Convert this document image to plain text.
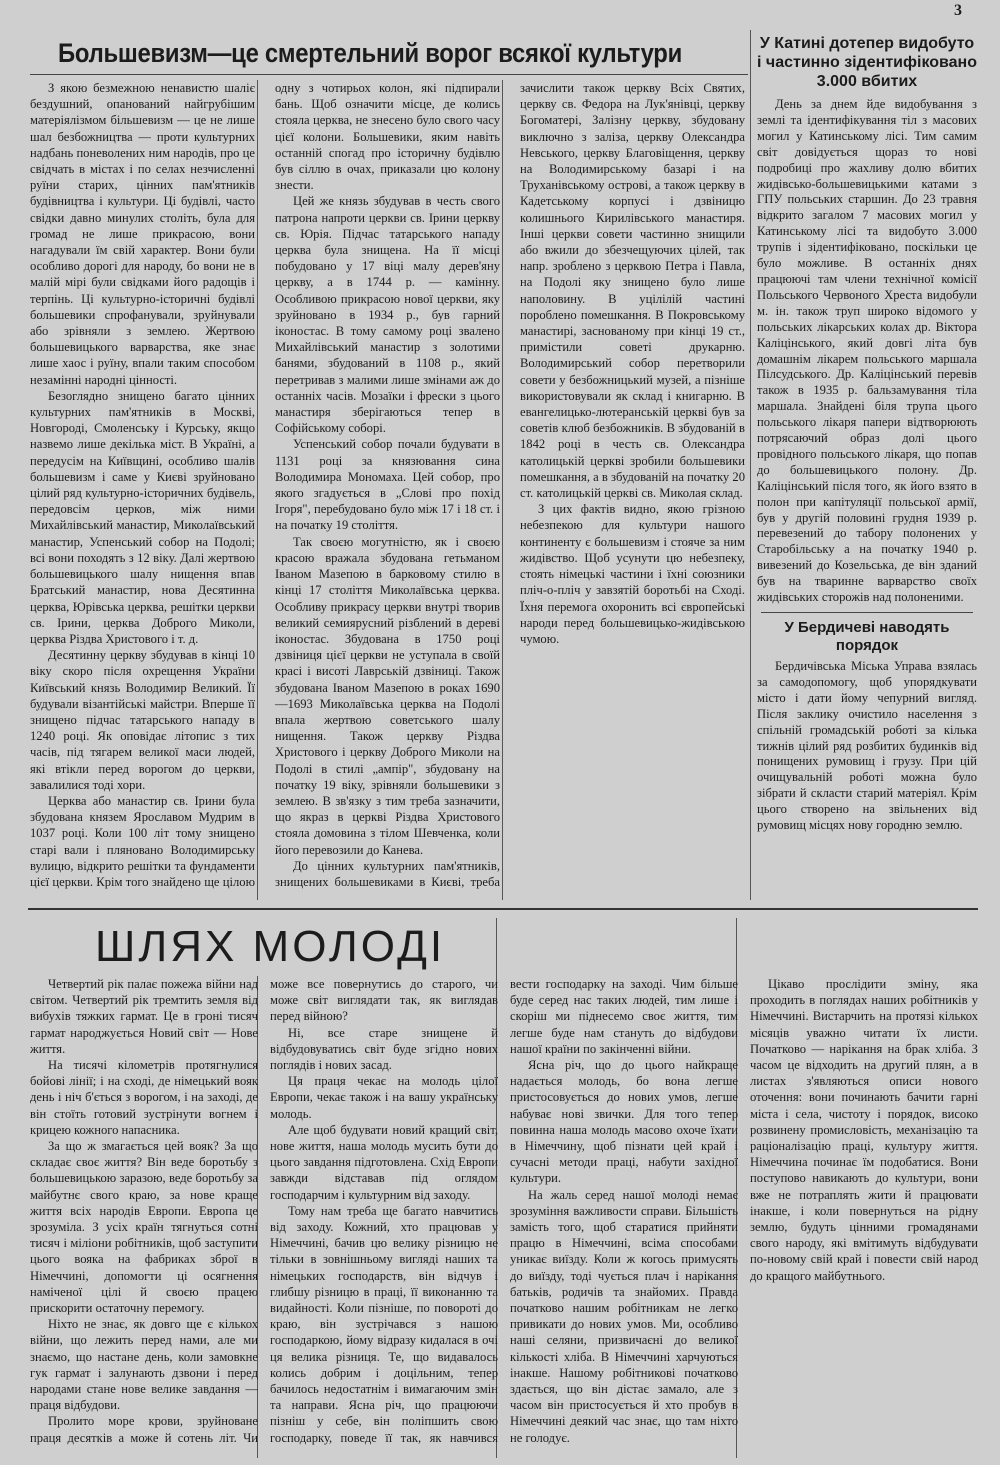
3
Большевизм—це смертельний ворог всякої культури

З якою безмежною ненавистю шаліє бездушний, опанований найгрубішим матеріялізмом більшевизм — це не лише шал безбожництва — проти культурних надбань поневолених ним народів, про це свідчать в містах і по селах незчисленні руїни старих, цінних пам'ятників будівництва і культури. Ці будівлі, часто свідки давно минулих століть, була для громад не лише прикрасою, вони нагадували їм свій характер. Вони були особливо дорогі для народу, бо вони не в малій мірі були свідками його радощів і терпінь. Ці культурно-історичні будівлі большевики спрофанували, зруйнували або зрівняли з землею. Жертвою большевицького варварства, яке знає лише хаос і руїну, впали таким способом незамінні народні цінності.

Безоглядно знищено багато цінних культурних пам'ятників в Москві, Новгороді, Смоленську і Курську, якщо назвемо лише декілька міст. В Україні, а передусім на Київщині, особливо шалів большевизм і саме у Києві зруйновано цілий ряд культурно-історичних будівель, передовсім церков, між ними Михайлівський манастир, Миколаївський манастир, Успенський собор на Подолі; всі вони походять з 12 віку. Далі жертвою большевицького шалу нищення впав Братський манастир, нова Десятинна церква, Юрівська церква, решітки церкви св. Ірини, церква Доброго Миколи, церква Різдва Христового і т. д.

Десятинну церкву збудував в кінці 10 віку скоро після охрещення України Київський князь Володимир Великий. Її будували візантійські майстри. Вперше її знищено підчас татарського нападу в 1240 році. Як оповідає літопис з тих часів, під тягарем великої маси людей, які втікли перед ворогом до церкви, завалилися тоді хори.

Церква або манастир св. Ірини була збудована князем Ярославом Мудрим в 1037 році. Коли 100 літ тому знищено старі вали і пляновано Володимирську вулицю, відкрито решітки та фундаменти цієї церкви. Крім того знайдено ще цілою одну з чотирьох колон, які підпирали бань. Щоб означити місце, де колись стояла церква, не знесено було свого часу цієї колони. Большевики, яким навіть останній спогад про історичну будівлю був сіллю в очах, приказали цю колону знести.

Цей же князь збудував в честь свого патрона напроти церкви св. Ірини церкву св. Юрія. Підчас татарського нападу церква була знищена. На її місці побудовано у 17 віці малу дерев'яну церкву, а в 1744 р. — камінну. Особливою прикрасою нової церкви, яку зруйновано в 1934 р., був гарний іконостас. В тому самому році звалено Михайлівський манастир з золотими банями, збудований в 1108 р., який перетривав з малими лише змінами аж до останніх часів. Мозаїки і фрески з цього манастиря зберігаються тепер в Софійському соборі.

Успенський собор почали будувати в 1131 році за князювання сина Володимира Мономаха. Цей собор, про якого згадується в „Слові про похід Ігоря", перебудовано було між 17 і 18 ст. і на початку 19 століття.

Так своєю могутністю, як і своєю красою вражала збудована гетьманом Іваном Мазепою в барковому стилю в кінці 17 століття Миколаївська церква. Особливу прикрасу церкви внутрі творив великий семиярусний різблений в дереві іконостас. Збудована в 1750 році дзвіниця цієї церкви не уступала в своїй красі і висоті Лаврській дзвіниці. Також збудована Іваном Мазепою в роках 1690—1693 Миколаївська церква на Подолі впала жертвою советського шалу нищення. Також церкву Різдва Христового і церкву Доброго Миколи на Подолі в стилі „ампір", збудовану на початку 19 віку, зрівняли большевики з землею. В зв'язку з тим треба зазначити, що якраз в церкві Різдва Христового стояла домовина з тілом Шевченка, коли його перевозили до Канева.

До цінних культурних пам'ятників, знищених большевиками в Києві, треба зачислити також церкву Всіх Святих, церкву св. Федора на Лук'янівці, церкву Богоматері, Залізну церкву, збудовану виключно з заліза, церкву Олександра Невського, церкву Благовіщення, церкву на Володимирському базарі і на Труханівському острові, а також церкву в Кадетському корпусі і дзвіницю колишнього Кирилівського манастиря. Інші церкви совети частинно знищили або вжили до збезчещуючих цілей, так напр. зроблено з церквою Петра і Павла, на Подолі яку знищено було лише наполовину. В уцілілій частині пороблено помешкання. В Покровському манастирі, заснованому при кінці 19 ст., примістили советі друкарню. Володимирський собор перетворили совети у безбожницький музей, а пізніше використовували як склад і книгарню. В евангелицько-лютеранській церкві був за советів клюб безбожників. В збудованій в 1842 році в честь св. Олександра католицькій церкві зробили большевики помешкання, а в збудованій на початку 20 ст. католицькій церкві св. Миколая склад.

З цих фактів видно, якою грізною небезпекою для культури нашого континенту є большевизм і стояче за ним жидівство. Щоб усунути цю небезпеку, стоять німецькі частини і їхні союзники пліч-о-пліч у завзятій боротьбі на Сході. Їхня перемога охоронить всі європейські народи перед большевицько-жидівською чумою.

У Катині дотепер видобуто і частинно зідентифіковано 3.000 вбитих

День за днем йде видобування з землі та ідентифікування тіл з масових могил у Катинському лісі. Тим самим світ довідується щораз то нові подробиці про жахливу долю вбитих жидівсько-большевицькими катами з ГПУ польських старшин. До 23 травня відкрито загалом 7 масових могил у Катинському лісі та видобуто 3.000 трупів і зідентифіковано, поскільки це було можливе. В останніх днях працюючі там члени технічної комісії Польського Червоного Хреста видобули м. ін. також труп широко відомого у польських лікарських колах др. Віктора Каліцінського, який довгі літа був домашнім лікарем польського маршала Пілсудського. Др. Каліцінський перевів також в 1935 р. бальзамування тіла маршала. Знайдені біля трупа цього польського лікаря папери відтворюють потрясаючий образ долі цього провідного польського лікаря, що попав до большевицького полону. Др. Каліцінський після того, як його взято в полон при капітуляції польської армії, був у другій половині грудня 1939 р. перевезений до табору полонених у Старобільську а на початку 1940 р. вивезений до Козельська, де він зданий був на тваринне варварство своїх жидівських сторожів над полоненими.

У Бердичеві наводять порядок

Бердичівська Міська Управа взялась за самодопомогу, щоб упорядкувати місто і дати йому чепурний вигляд. Після заклику очистило населення з спільній громадській роботі за кілька тижнів цілий ряд розбитих будинків від понищених румовищ і грузу. При цій очищувальній роботі можна було зібрати й скласти старий матеріял. Крім цього створено на звільнених від румовищ місцях нову городню землю.

ШЛЯХ МОЛОДІ

Четвертий рік палає пожежа війни над світом. Четвертий рік тремтить земля від вибухів тяжких гармат. Це в гроні тисяч гармат народжується Новий світ — Нове життя.

На тисячі кілометрів протягнулися бойові лінії; і на сході, де німецький вояк день і ніч б'ється з ворогом, і на заході, де він стоїть готовий зустрінути вогнем і крицею кожного напасника.

За що ж змагається цей вояк? За що складає своє життя? Він веде боротьбу з большевицькою заразою, веде боротьбу за майбутнє свого краю, за нове краще життя всіх народів Европи. Европа це зрозуміла. З усіх країн тягнуться сотні тисяч і міліони робітників, щоб заступити цього вояка на фабриках зброї в Німеччині, допомогти ці осягнення наміченої цілі й своєю працею прискорити остаточну перемогу.

Ніхто не знає, як довго ще є кількох війни, що лежить перед нами, але ми знаємо, що настане день, коли замовкне гук гармат і залунають дзвони і перед народами стане нове велике завдання — праця відбудови.

Пролито море крови, зруйноване праця десятків а може й сотень літ. Чи може все повернутись до старого, чи може світ виглядати так, як виглядав перед війною?

Ні, все старе знищене й відбудовуватись світ буде згідно нових поглядів і нових засад.

Ця праця чекає на молодь цілої Европи, чекає також і на вашу українську молодь.

Але щоб будувати новий кращий світ, нове життя, наша молодь мусить бути до цього завдання підготовлена. Схід Европи завжди відставав під оглядом господарчим і культурним від заходу.

Тому нам треба ще багато навчитись від заходу. Кожний, хто працював у Німеччині, бачив цю велику різницю не тільки в зовнішньому вигляді наших та німецьких господарств, він відчув і глибшу різницю в праці, її виконанню та видайності. Коли пізніше, по повороті до краю, він зустрічався з нашою господаркою, йому відразу кидалася в очі ця велика різниця. Те, що видавалось колись добрим і доцільним, тепер бачилось недостатнім і вимагаючим змін та направи. Ясна річ, що працюючи пізніш у себе, він поліпшить свою господарку, поведе її так, як навчився вести господарку на заході. Чим більше буде серед нас таких людей, тим лише і скоріш ми піднесемо своє життя, тим легше буде нам стануть до відбудови нашої країни по закінченні війни.

Ясна річ, що до цього найкраще надається молодь, бо вона легше пристосовується до нових умов, легше набуває нові звички. Для того тепер повинна наша молодь масово охоче їхати в Німеччину, щоб пізнати цей край і сучасні методи праці, набути західної культури.

На жаль серед нашої молоді немає зрозуміння важливости справи. Більшість замість того, щоб старатися прийняти працю в Німеччині, всіма способами уникає виїзду. Коли ж когось примусять до виїзду, тоді чується плач і нарікання батьків, родичів та знайомих. Правда початково нашим робітникам не легко привикати до нових умов. Ми, особливо наші селяни, призвичаєні до великої кількості хліба. В Німеччині харчуються інакше. Нашому робітникові початково здається, що він дістає замало, але з часом він пристосується й хто пробув в Німеччині деякий час знає, що там ніхто не голодує.

Цікаво прослідити зміну, яка проходить в поглядах наших робітників у Німеччині. Вистарчить на протязі кількох місяців уважно читати їх листи. Початково — нарікання на брак хліба. З часом це відходить на другий плян, а в листах з'являються описи нового оточення: вони починають бачити гарні міста і села, чистоту і порядок, високо розвинену промисловість, механізацію та раціоналізацію праці, культуру життя. Німеччина починає їм подобатися. Вони поступово навикають до культури, вони вже не потраплять жити й працювати інакше, і коли повернуться на рідну землю, будуть цінними громадянами свого народу, які вмітимуть відбудувати по-новому свій край і повести свій народ до кращого майбутнього.
